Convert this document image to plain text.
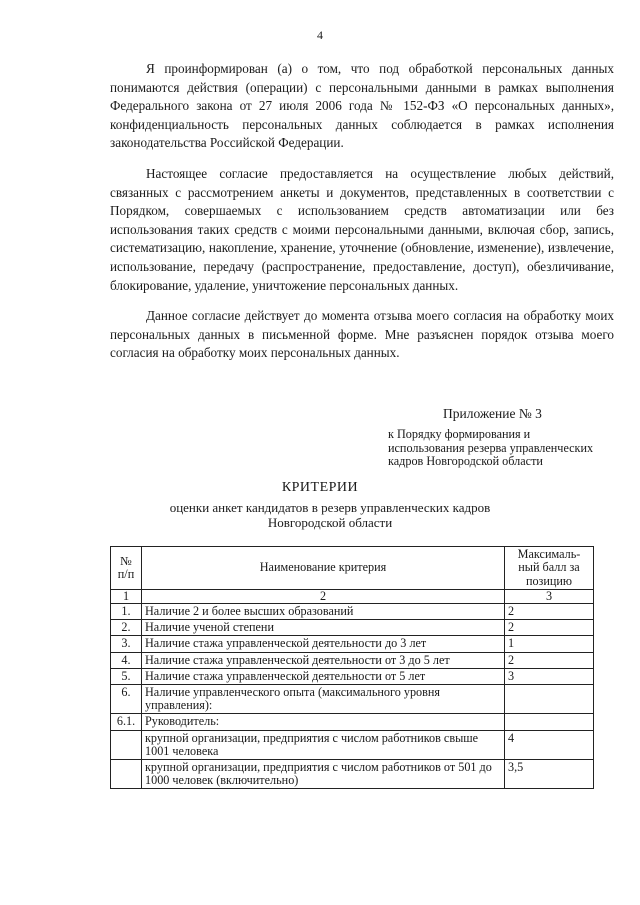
4

Я проинформирован (а) о том, что под обработкой персональных данных понимаются действия (операции) с персональными данными в рамках выполнения Федерального закона от 27 июля 2006 года № 152-ФЗ «О персональных данных», конфиденциальность персональных данных соблюдается в рамках исполнения законодательства Российской Федерации.

Настоящее согласие предоставляется на осуществление любых действий, связанных с рассмотрением анкеты и документов, представленных в соответствии с Порядком, совершаемых с использованием средств автоматизации или без использования таких средств с моими персональными данными, включая сбор, запись, систематизацию, накопление, хранение, уточнение (обновление, изменение), извлечение, использование, передачу (распространение, предоставление, доступ), обезличивание, блокирование, удаление, уничтожение персональных данных.

Данное согласие действует до момента отзыва моего согласия на обработку моих персональных данных в письменной форме. Мне разъяснен порядок отзыва моего согласия на обработку моих персональных данных.

Приложение № 3

к Порядку формирования и использования резерва управленческих кадров Новгородской области

КРИТЕРИИ
оценки анкет кандидатов в резерв управленческих кадров Новгородской области
№ п/п	Наименование критерия	Максималь-ный балл за позицию
1	2	3
1.	Наличие 2 и более высших образований	2
2.	Наличие ученой степени	2
3.	Наличие стажа управленческой деятельности до 3 лет	1
4.	Наличие стажа управленческой деятельности от 3 до 5 лет	2
5.	Наличие стажа управленческой деятельности от 5 лет	3
6.	Наличие управленческого опыта (максимального уровня управления):	
6.1.	Руководитель:	
	крупной организации, предприятия с числом работников свыше 1001 человека	4
	крупной организации, предприятия с числом работников от 501 до 1000 человек (включительно)	3,5
